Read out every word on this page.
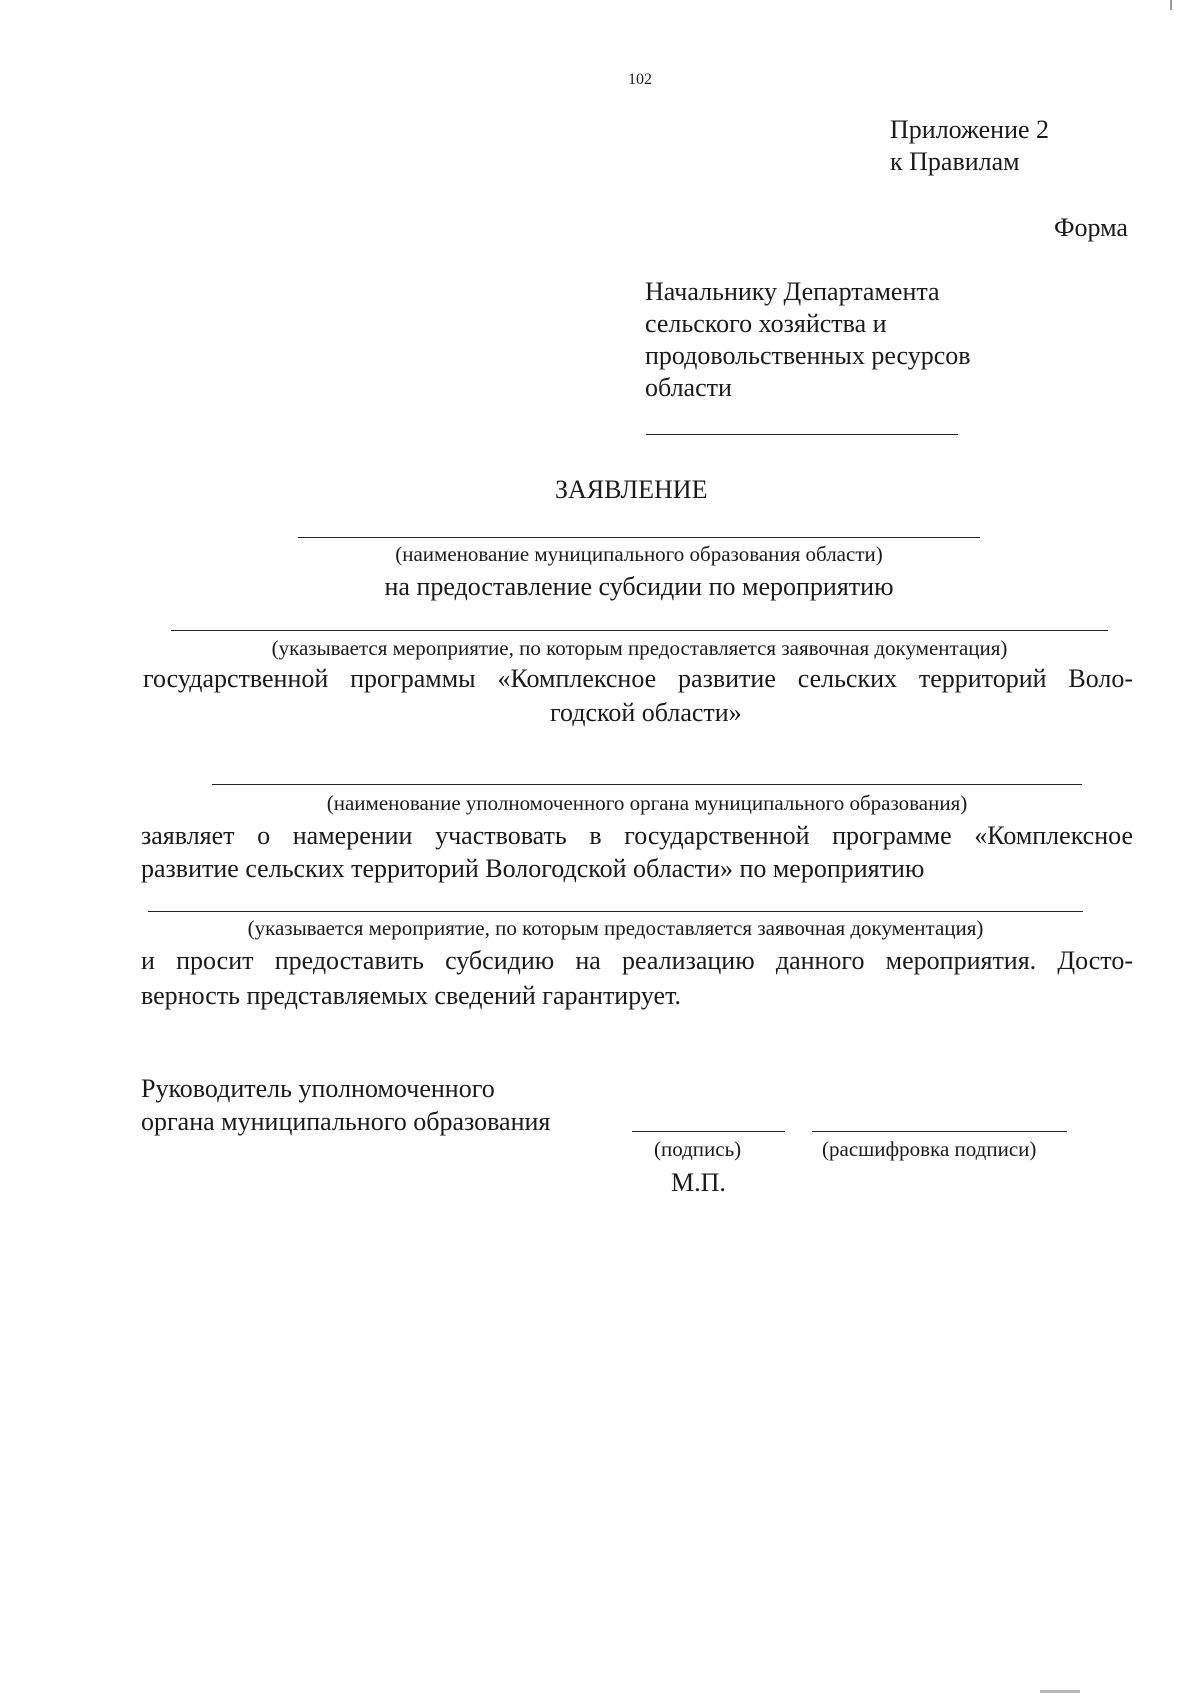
102
Приложение 2
к Правилам
Форма
Начальнику Департамента
сельского хозяйства и
продовольственных ресурсов
области
ЗАЯВЛЕНИЕ
(наименование муниципального образования области)
на предоставление субсидии по мероприятию
(указывается мероприятие, по которым предоставляется заявочная документация)
государственной программы «Комплексное развитие сельских территорий Воло-
годской области»
(наименование уполномоченного органа муниципального образования)
заявляет о намерении участвовать в государственной программе «Комплексное
развитие сельских территорий Вологодской области» по мероприятию
(указывается мероприятие, по которым предоставляется заявочная документация)
и просит предоставить субсидию на реализацию данного мероприятия. Досто-
верность представляемых сведений гарантирует.
Руководитель уполномоченного
органа муниципального образования
(подпись)	(расшифровка подписи)
М.П.
